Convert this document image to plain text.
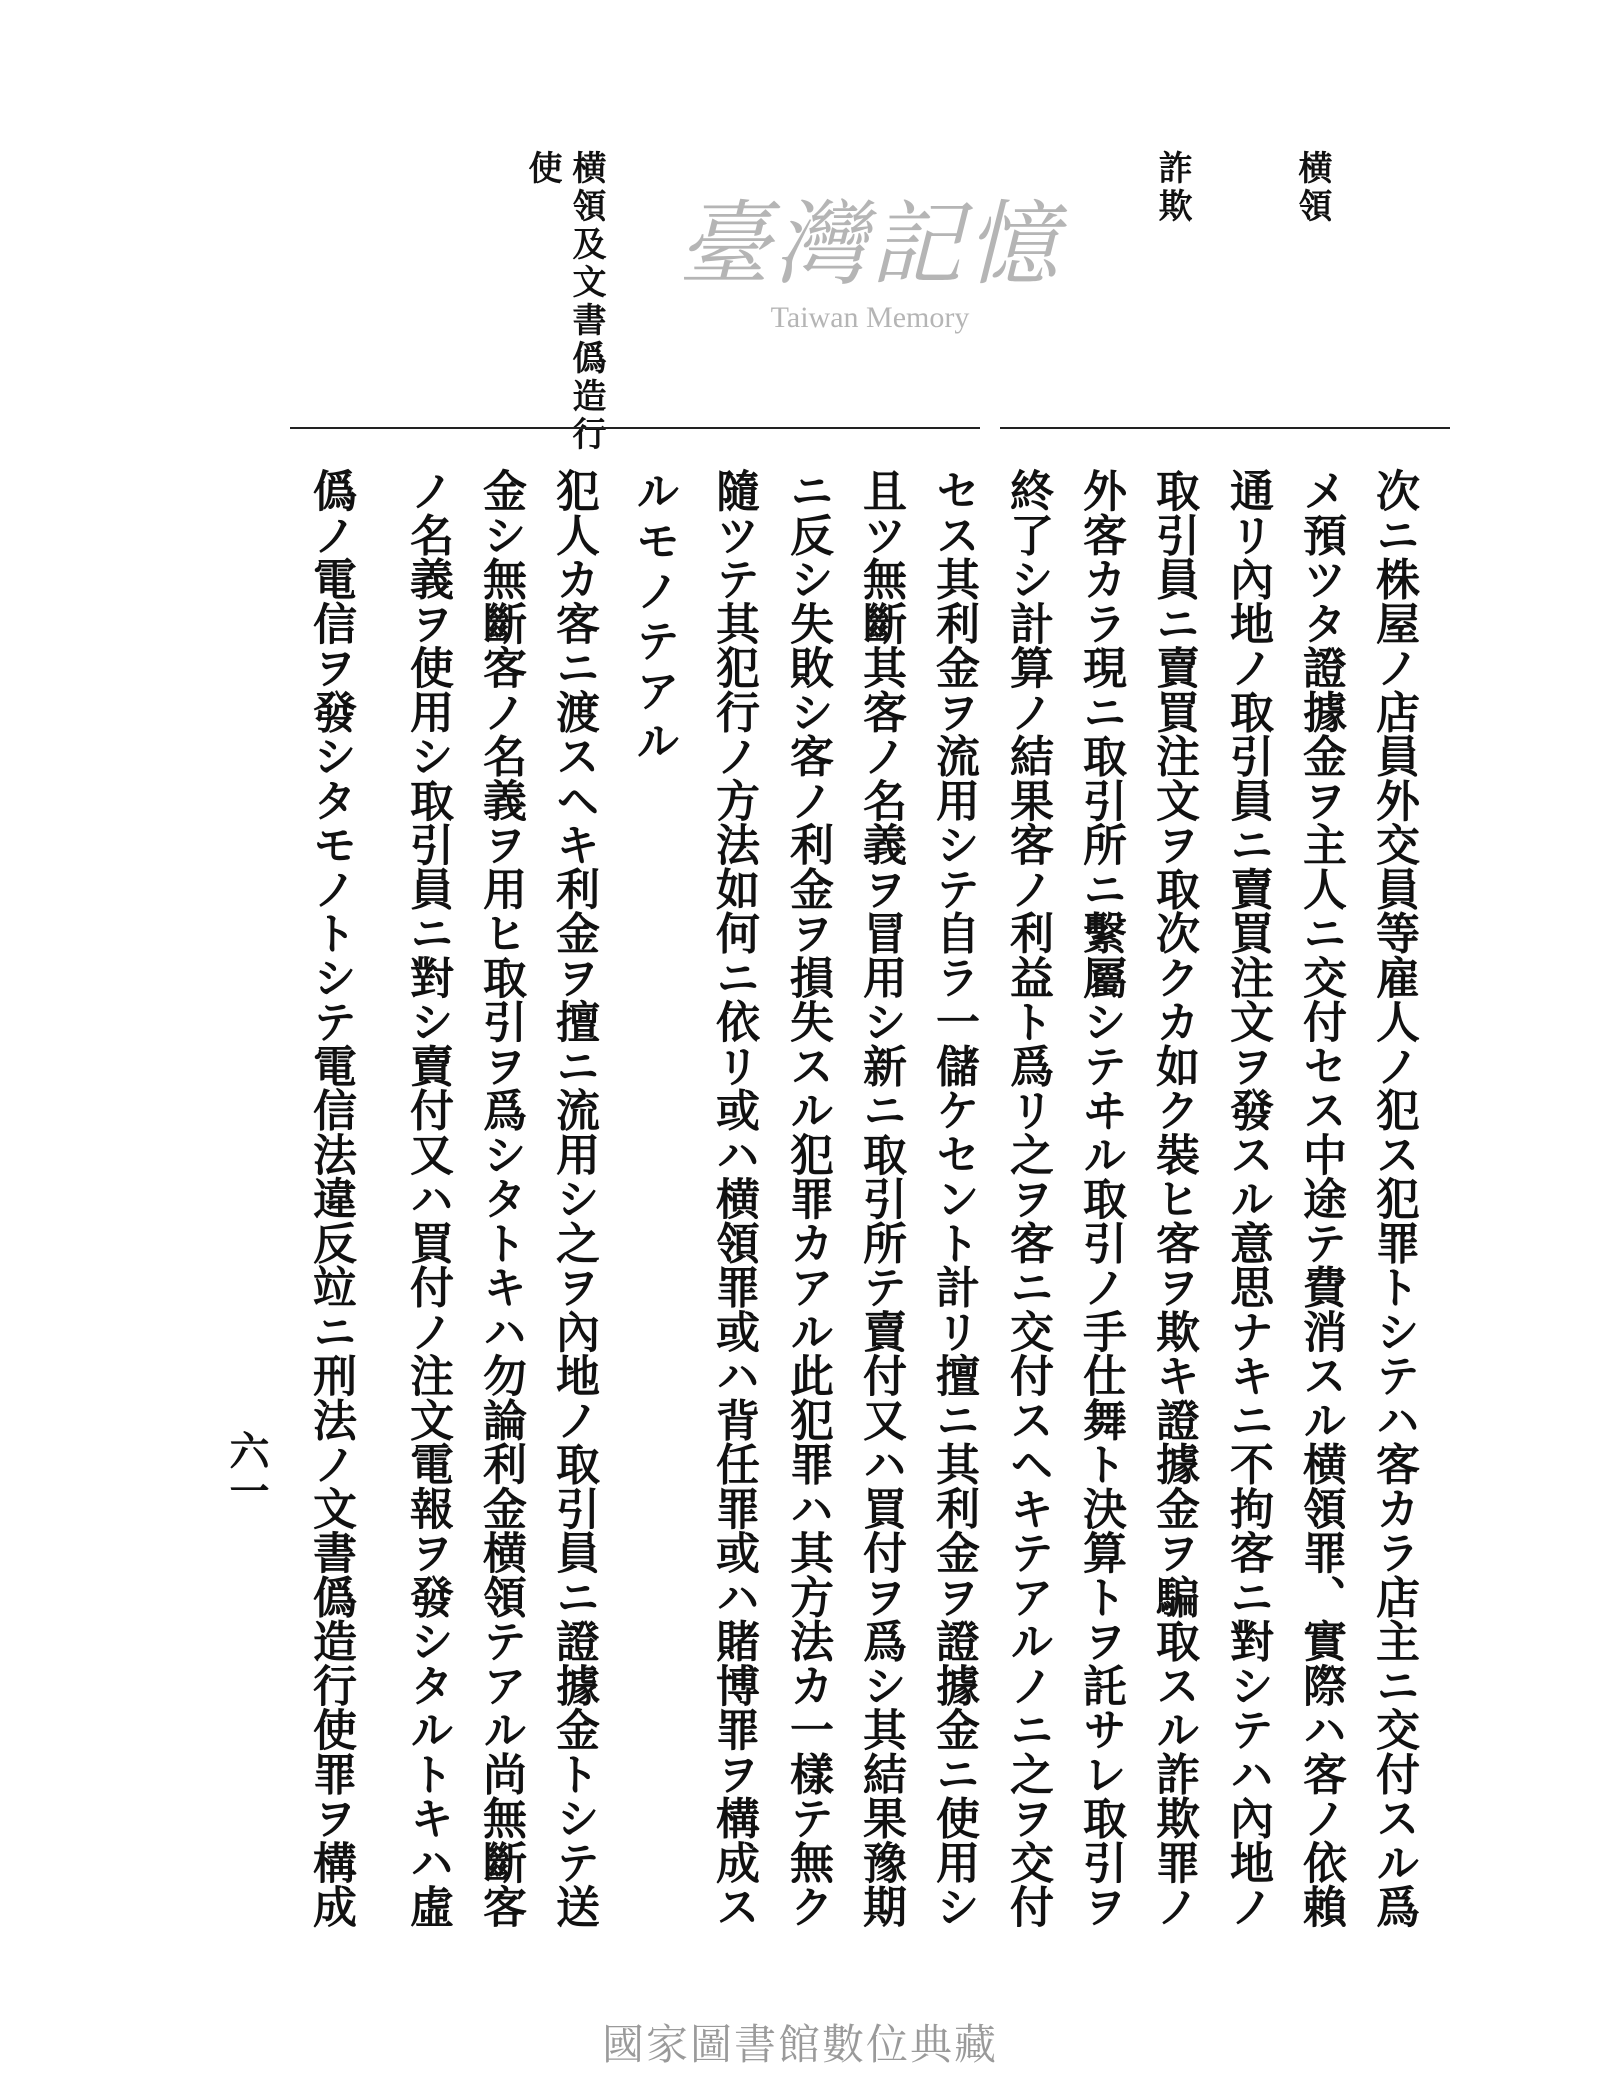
横領
詐欺
横領及文書僞造行使
次ニ株屋ノ店員外交員等雇人ノ犯ス犯罪トシテハ客カラ店主ニ交付スル爲
メ預ツタ證據金ヲ主人ニ交付セス中途テ費消スル横領罪、實際ハ客ノ依賴
通リ內地ノ取引員ニ賣買注文ヲ發スル意思ナキニ不拘客ニ對シテハ內地ノ
取引員ニ賣買注文ヲ取次クカ如ク裝ヒ客ヲ欺キ證據金ヲ騙取スル詐欺罪ノ
外客カラ現ニ取引所ニ繫屬シテヰル取引ノ手仕舞ト決算トヲ託サレ取引ヲ
終了シ計算ノ結果客ノ利益ト爲リ之ヲ客ニ交付スヘキテアルノニ之ヲ交付
セス其利金ヲ流用シテ自ラ一儲ケセント計リ擅ニ其利金ヲ證據金ニ使用シ
且ツ無斷其客ノ名義ヲ冒用シ新ニ取引所テ賣付又ハ買付ヲ爲シ其結果豫期
ニ反シ失敗シ客ノ利金ヲ損失スル犯罪カアル此犯罪ハ其方法カ一樣テ無ク
隨ツテ其犯行ノ方法如何ニ依リ或ハ横領罪或ハ背任罪或ハ賭博罪ヲ構成ス
ルモノテアル
犯人カ客ニ渡スヘキ利金ヲ擅ニ流用シ之ヲ內地ノ取引員ニ證據金トシテ送
金シ無斷客ノ名義ヲ用ヒ取引ヲ爲シタトキハ勿論利金横領テアル尚無斷客
ノ名義ヲ使用シ取引員ニ對シ賣付又ハ買付ノ注文電報ヲ發シタルトキハ虛
僞ノ電信ヲ發シタモノトシテ電信法違反竝ニ刑法ノ文書僞造行使罪ヲ構成
六一
臺灣記憶
Taiwan Memory
國家圖書館數位典藏
